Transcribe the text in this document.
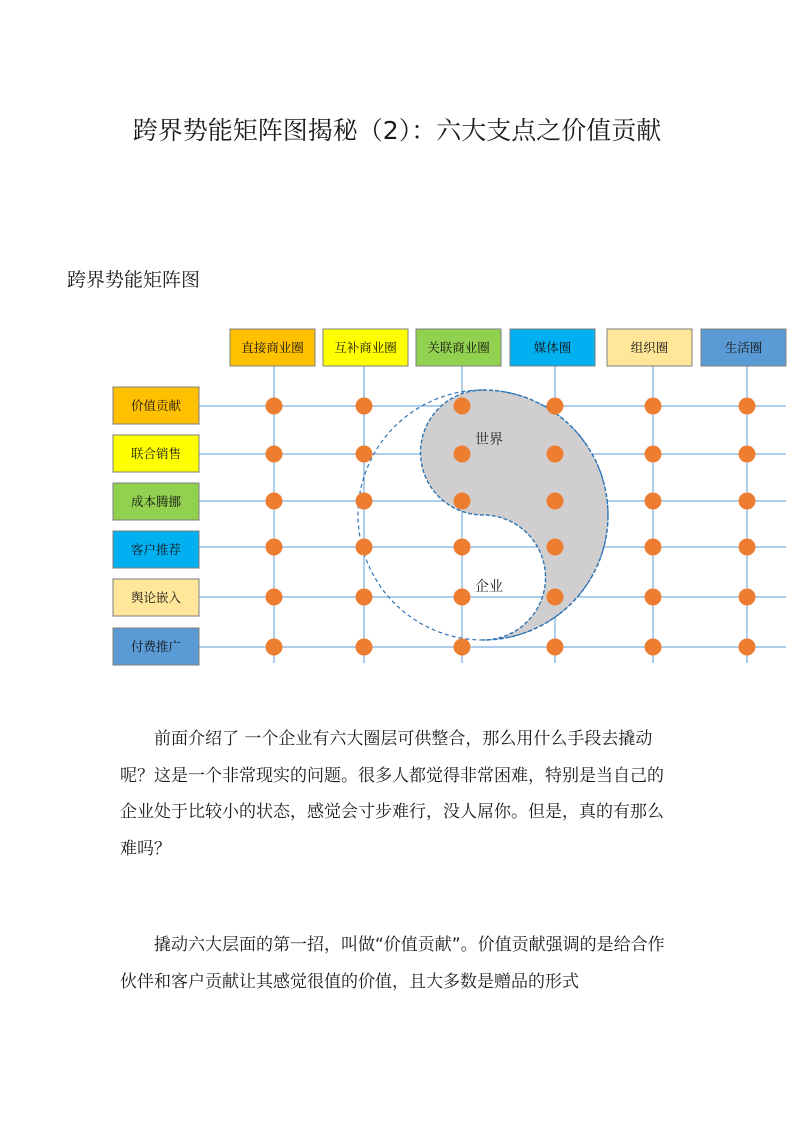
跨界势能矩阵图揭秘（2）：六大支点之价值贡献
跨界势能矩阵图
直接商业圈 互补商业圈 关联商业圈	媒体圈	组织圈	生活圈
价值贡献
联合销售
成本腾挪
客户推荐
舆论嵌入
付费推广
世界
企业

前面介绍了 一个企业有六大圈层可供整合，那么用什么手段去撬动呢？这是一个非常现实的问题。很多人都觉得非常困难，特别是当自己的企业处于比较小的状态，感觉会寸步难行，没人屌你。但是，真的有那么难吗？

撬动六大层面的第一招，叫做“价值贡献”。价值贡献强调的是给合作伙伴和客户贡献让其感觉很值的价值，且大多数是赠品的形式
